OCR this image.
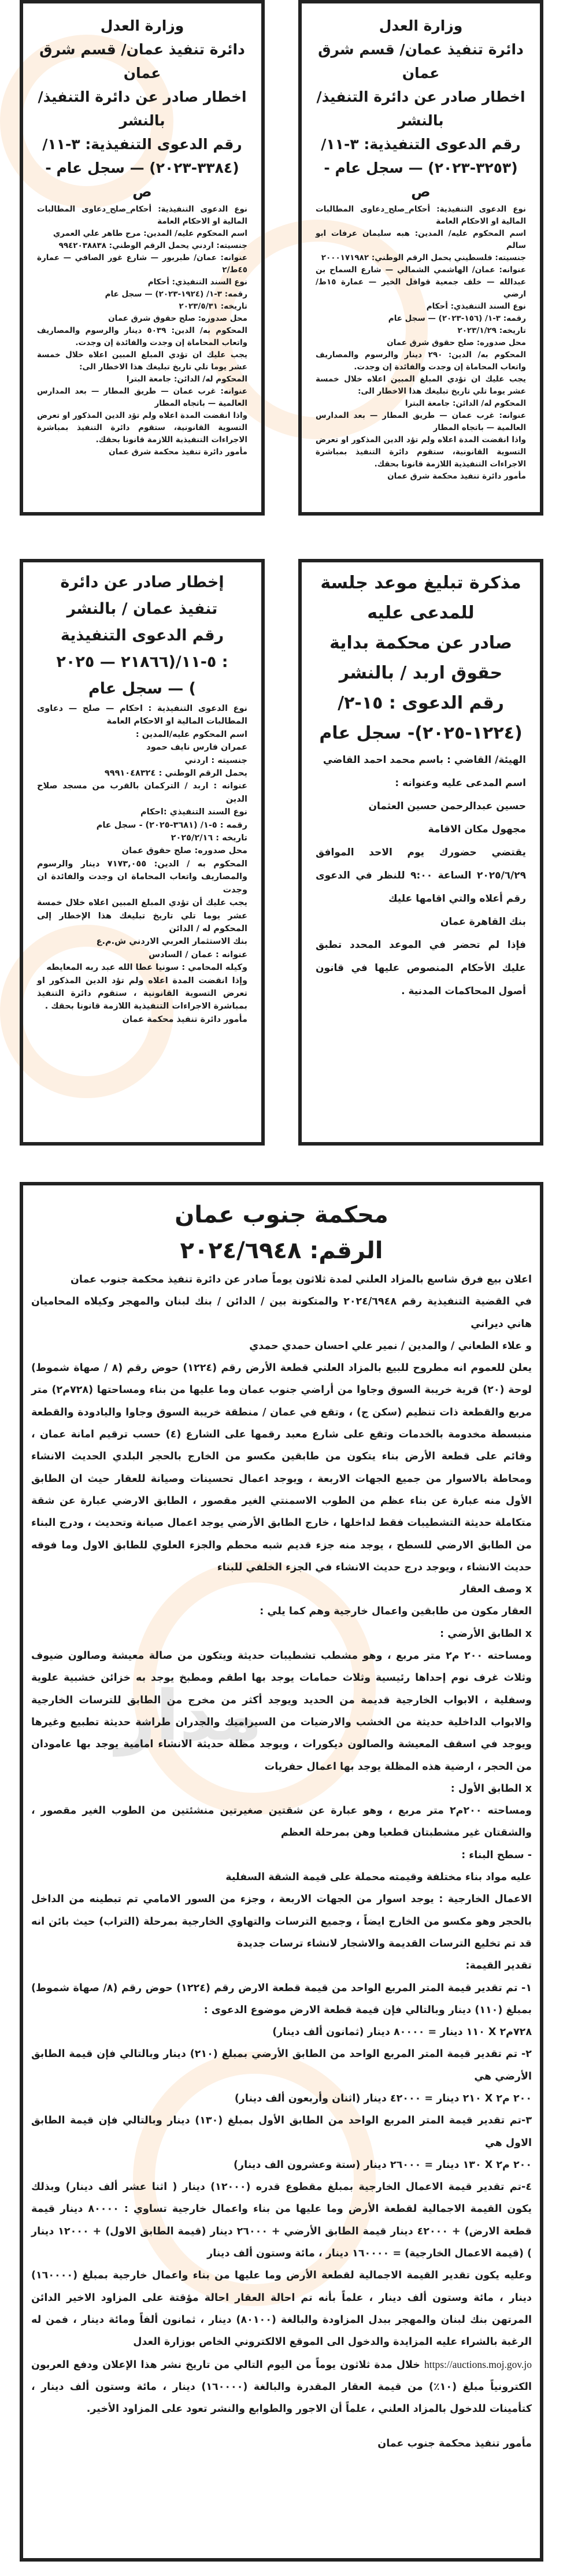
مدار

وزارة العدل

دائرة تنفيذ عمان/ قسم شرق عمان

اخطار صادر عن دائرة التنفيذ/

بالنشر

رقم الدعوى التنفيذية: ٣-١١/

(٣٢٥٣-٢٠٢٣) — سجل عام - ص

نوع الدعوى التنفيذية: أحكام_صلح_دعاوى المطالبات المالية او الاحكام العامة

اسم المحكوم عليه/ المدين: هبه سليمان عرفات ابو سالم

جنسيته: فلسطيني يحمل الرقم الوطني: ٢٠٠٠١٧١٩٨٢

عنوانه: عمان/ الهاشمي الشمالي — شارع السماح بن عبدالله — خلف جمعية قوافل الخير — عمارة ١٥ط/ ارضي

نوع السند التنفيذي: أحكام

رقمه: ٣-١/ (١٥٦-٢٠٢٣) — سجل عام

تاريخه: ٢٠٢٣/١/٢٩

محل صدوره: صلح حقوق شرق عمان

المحكوم به/ الدين: ٢٩٠ دينار والرسوم والمصاريف واتعاب المحاماة إن وجدت والفائدة إن وجدت.

يجب عليك ان تؤدي المبلغ المبين اعلاه خلال خمسة عشر يوما تلي تاريخ تبليغك هذا الاخطار الى:

المحكوم له/ الدائن: جامعة البترا

عنوانه: غرب عمان — طريق المطار — بعد المدارس العالمية — باتجاه المطار

واذا انقضت المدة اعلاه ولم تؤد الدين المذكور او تعرض التسوية القانونية، ستقوم دائرة التنفيذ بمباشرة الاجراءات التنفيذية اللازمة قانونا بحقك.

مأمور دائرة تنفيذ محكمة شرق عمان

وزارة العدل

دائرة تنفيذ عمان/ قسم شرق عمان

اخطار صادر عن دائرة التنفيذ/

بالنشر

رقم الدعوى التنفيذية: ٣-١١/

(٣٣٨٤-٢٠٢٣) — سجل عام - ص

نوع الدعوى التنفيذية: أحكام_صلح_دعاوى المطالبات المالية او الاحكام العامة

اسم المحكوم عليه/ المدين: مرح طاهر علي العمري

جنسيته: اردني يحمل الرقم الوطني: ٩٩٤٢٠٣٨٨٣٨

عنوانه: عمان/ طبربور — شارع غور الصافي — عمارة ٤٥ط/٢

نوع السند التنفيذي: أحكام

رقمه: ٣-١/ (١٩٢٤-٢٠٢٣) — سجل عام

تاريخه: ٢٠٢٣/٥/٣١

محل صدوره: صلح حقوق شرق عمان

المحكوم به/ الدين: ٥٠٣٩ دينار والرسوم والمصاريف واتعاب المحاماة إن وجدت والفائدة إن وجدت.

يجب عليك ان تؤدي المبلغ المبين اعلاه خلال خمسة عشر يوما تلي تاريخ تبليغك هذا الاخطار الى:

المحكوم له/ الدائن: جامعة البترا

عنوانه: غرب عمان — طريق المطار — بعد المدارس العالمية — باتجاه المطار

واذا انقضت المدة اعلاه ولم تؤد الدين المذكور او تعرض التسوية القانونية، ستقوم دائرة التنفيذ بمباشرة الاجراءات التنفيذية اللازمة قانونا بحقك.

مأمور دائرة تنفيذ محكمة شرق عمان

مذكرة تبليغ موعد جلسة

للمدعى عليه

صادر عن محكمة بداية

حقوق اربد / بالنشر

رقم الدعوى : ١٥-٢/

(١٢٢٤-٢٠٢٥)- سجل عام

الهيئة/ القاضي : باسم محمد احمد القاضي

اسم المدعى عليه وعنوانه :

حسين عبدالرحمن حسين العثمان

مجهول مكان الاقامة

يقتضي حضورك يوم الاحد الموافق ٢٠٢٥/٦/٢٩ الساعة ٩:٠٠ للنظر في الدعوى رقم أعلاه والتي اقامها عليك

بنك القاهرة عمان

فإذا لم تحضر في الموعد المحدد تطبق عليك الأحكام المنصوص عليها في قانون أصول المحاكمات المدنية .

إخطار صادر عن دائرة

تنفيذ عمان / بالنشر

رقم الدعوى التنفيذية

: ٥-١١/(٢١٨٦٦ — ٢٠٢٥

) — سجل عام

نوع الدعوى التنفيذية : احكام — صلح — دعاوى المطالبات المالية او الاحكام العامة

اسم المحكوم عليه/المدين :

عمران فارس نايف حمود

جنسيته : اردني

يحمل الرقم الوطني : ٩٩٩١٠٤٨٣٢٤

عنوانه : اربد / التركمان بالقرب من مسجد صلاح الدين

نوع السند التنفيذي :احكام

رقمه : ٥-١/ (٣٦٨١-٢٠٢٥) - سجل عام

تاريخه : ٢٠٢٥/٢/١٦

محل صدوره: صلح حقوق عمان

المحكوم به / الدين: ٧١٧٣,٠٥٥ دينار والرسوم والمصاريف واتعاب المحاماة ان وجدت والفائدة ان وجدت

يجب عليك أن تؤدي المبلغ المبين اعلاه خلال خمسة عشر يوما تلي تاريخ تبليغك هذا الإخطار إلى المحكوم له / الدائن

بنك الاستثمار العربي الاردني ش.م.ع

عنوانه : عمان / السادس

وكيله المحامي : سونيا عطا الله عبد ربه المعايطه

وإذا انقضت المدة اعلاه ولم تؤد الدين المذكور او تعرض التسوية القانونية ، ستقوم دائرة التنفيذ بمباشرة الاجراءات التنفيذية اللازمة قانونا بحقك .

مأمور دائرة تنفيذ محكمة عمان

محكمة جنوب عمان

الرقم: ٢٠٢٤/٦٩٤٨

اعلان بيع فرق شاسع بالمزاد العلني لمدة ثلاثون يوماً صادر عن دائرة تنفيذ محكمة جنوب عمان

في القضية التنفيذية رقم ٢٠٢٤/٦٩٤٨ والمتكونة بين / الدائن / بنك لبنان والمهجر وكيلاه المحاميان هاني ديراني

و علاء الطعاني / والمدين / نمير علي احسان حمدي حمدي

يعلن للعموم انه مطروح للبيع بالمزاد العلني قطعة الأرض رقم (١٢٢٤) حوض رقم (٨ / صهاة شموط) لوحة (٢٠) قرية خريبة السوق وجاوا من أراضي جنوب عمان وما عليها من بناء ومساحتها (٧٢٨م٢) متر مربع والقطعة ذات تنظيم (سكن ج) ، وتقع في عمان / منطقة خريبة السوق وجاوا واليادودة والقطعة منبسطة مخدومة بالخدمات وتقع على شارع معبد رقمها على الشارع (٤) حسب ترقيم امانة عمان ، وقائم على قطعة الأرض بناء يتكون من طابقين مكسو من الخارج بالحجر البلدي الحديث الانشاء ومحاطة بالاسوار من جميع الجهات الاربعة ، ويوجد اعمال تحسينات وصيانة للعقار حيث ان الطابق الأول منه عبارة عن بناء عظم من الطوب الاسمنتي الغير مقصور ، الطابق الارضي عبارة عن شقة متكاملة حديثة التشطيبات فقط لداخلها ، خارج الطابق الأرضي يوجد اعمال صيانة وتحديث ، ودرج البناء من الطابق الارضي للسطح ، يوجد منه جزء قديم شبه محطم والجزء العلوي للطابق الاول وما فوقه حديث الانشاء ، ويوجد درج حديث الانشاء في الجزء الخلفي للبناء

x وصف العقار

العقار مكون من طابقين واعمال خارجية وهم كما يلي :

x الطابق الأرضي :

ومساحته ٢٠٠ م٢ متر مربع ، وهو مشطب تشطيبات حديثة ويتكون من صالة معيشة وصالون ضيوف وثلاث غرف نوم إحداها رئيسية وثلاث حمامات يوجد بها اطقم ومطبخ يوجد به خزائن خشبية علوية وسفلية ، الابواب الخارجية قديمة من الحديد ويوجد أكثر من مخرج من الطابق للترسات الخارجية والابواب الداخلية حديثة من الخشب والارضيات من السيراميك والجدران طراشة حديثة تطبيع وغيرها ويوجد في اسقف المعيشة والصالون ديكورات ، ويوجد مظلة حديثة الانشاء امامية يوجد بها عامودان من الحجر ، ارضية هذه المظلة يوجد بها اعمال حفريات

x الطابق الأول :

ومساحته ٢٠٠م٢ متر مربع ، وهو عبارة عن شقتين صغيرتين منشئتين من الطوب الغير مقصور ، والشقتان غير مشطبتان قطعيا وهن بمرحلة العظم

- سطح البناء :

عليه مواد بناء مختلفة وقيمته محملة على قيمة الشقة السفلية

الاعمال الخارجية : يوجد اسوار من الجهات الاربعة ، وجزء من السور الامامي تم تبطينه من الداخل بالحجر وهو مكسو من الخارج ايضاً ، وجميع الترسات والتهاوي الخارجية بمرحلة (التراب) حيث بائن انه قد تم تخليع الترسات القديمة والاشجار لانشاء ترسات جديدة

تقدير القيمة:

١- تم تقدير قيمة المتر المربع الواحد من قيمة قطعة الارض رقم (١٢٢٤) حوض رقم (٨/ صهاة شموط) بمبلغ (١١٠) دينار وبالتالي فإن قيمة قطعة الارض موضوع الدعوى :

٧٢٨م٢ X ١١٠ دينار = ٨٠٠٠٠ دينار (ثمانون ألف دينار)

٢- تم تقدير قيمة المتر المربع الواحد من الطابق الأرضي بمبلغ (٢١٠) دينار وبالتالي فإن قيمة الطابق الأرضي هي

٢٠٠ م٢ X ٢١٠ دينار = ٤٢٠٠٠ دينار (اثنان وأربعون ألف دينار)

٣-تم تقدير قيمة المتر المربع الواحد من الطابق الأول بمبلغ (١٣٠) دينار وبالتالي فإن قيمة الطابق الاول هي

٢٠٠ م٢ X ١٣٠ دينار = ٢٦٠٠٠ دينار (ستة وعشرون الف دينار)

٤-تم تقدير قيمة الاعمال الخارجية بمبلغ مقطوع قدره (١٢٠٠٠) دينار ( اثنا عشر ألف دينار) وبذلك يكون القيمة الاجمالية لقطعة الأرض وما عليها من بناء واعمال خارجية تساوي : ٨٠٠٠٠ دينار قيمة قطعة الارض) + ٤٢٠٠٠ دينار قيمة الطابق الأرضي + ٢٦٠٠٠ دينار (قيمة الطابق الاول) + ١٢٠٠٠ دينار ) (قيمة الاعمال الخارجية) = ١٦٠٠٠٠ دينار ، مائة وستون ألف دينار

وعليه يكون تقدير القيمة الاجمالية لقطعة الأرض وما عليها من بناء واعمال خارجية بمبلغ (١٦٠٠٠٠) دينار ، مائة وستون ألف دينار ، علماً بأنه تم احالة العقار احالة مؤقتة على المزاود الاخير الدائن المرتهن بنك لبنان والمهجر ببدل المزاودة والبالغة (٨٠١٠٠) دينار ، ثمانون ألفاً ومائة دينار ، فمن له الرغبة بالشراء عليه المزايدة والدخول الى الموقع الالكتروني الخاص بوزارة العدل

https://auctions.moj.gov.jo خلال مدة ثلاثون يوماً من اليوم التالي من تاريخ نشر هذا الإعلان ودفع العربون الكترونياً مبلغ (١٠٪) من قيمة العقار المقدرة والبالغة (١٦٠٠٠٠) دينار ، مائة وستون ألف دينار ، كتأمينات للدخول بالمزاد العلني ، علماً أن الاجور والطوابع والنشر تعود على المزاود الأخير.

مأمور تنفيذ محكمة جنوب عمان
